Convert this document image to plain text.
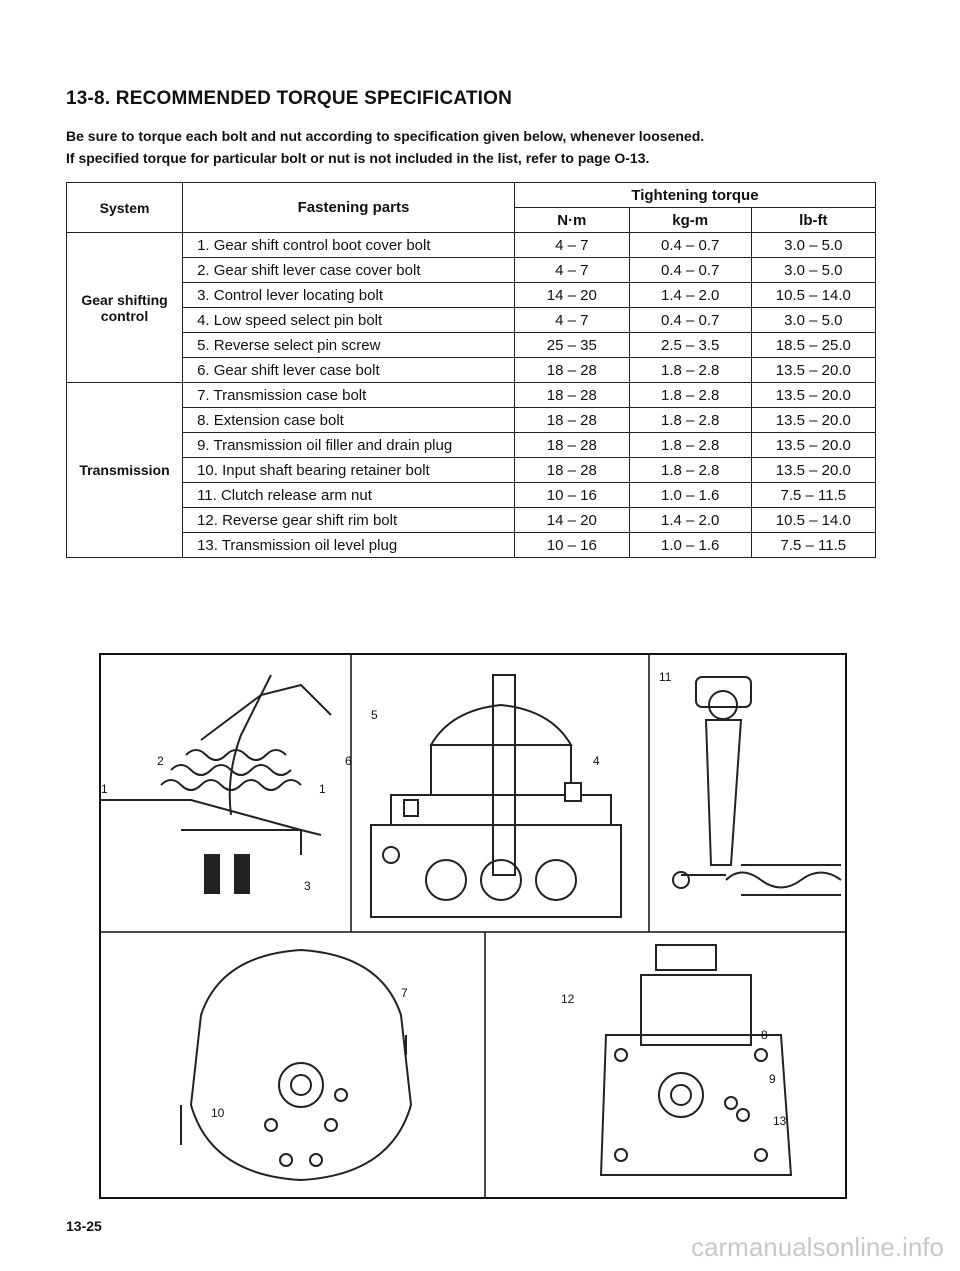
13-8. RECOMMENDED TORQUE SPECIFICATION
Be sure to torque each bolt and nut according to specification given below, whenever loosened.
If specified torque for particular bolt or nut is not included in the list, refer to page O-13.
System	Fastening parts	Tightening torque		
		N·m	kg-m	lb-ft
Gear shifting control	1. Gear shift control boot cover bolt	4 – 7	0.4 – 0.7	3.0 – 5.0
	2. Gear shift lever case cover bolt	4 – 7	0.4 – 0.7	3.0 – 5.0
	3. Control lever locating bolt	14 – 20	1.4 – 2.0	10.5 – 14.0
	4. Low speed select pin bolt	4 – 7	0.4 – 0.7	3.0 – 5.0
	5. Reverse select pin screw	25 – 35	2.5 – 3.5	18.5 – 25.0
	6. Gear shift lever case bolt	18 – 28	1.8 – 2.8	13.5 – 20.0
Transmission	7. Transmission case bolt	18 – 28	1.8 – 2.8	13.5 – 20.0
	8. Extension case bolt	18 – 28	1.8 – 2.8	13.5 – 20.0
	9. Transmission oil filler and drain plug	18 – 28	1.8 – 2.8	13.5 – 20.0
	10. Input shaft bearing retainer bolt	18 – 28	1.8 – 2.8	13.5 – 20.0
	11. Clutch release arm nut	10 – 16	1.0 – 1.6	7.5 – 11.5
	12. Reverse gear shift rim bolt	14 – 20	1.4 – 2.0	10.5 – 14.0
	13. Transmission oil level plug	10 – 16	1.0 – 1.6	7.5 – 11.5
1
2
1
3
5
6	4
11
7
10
12
8
9
13
13-25
carmanualsonline.info
